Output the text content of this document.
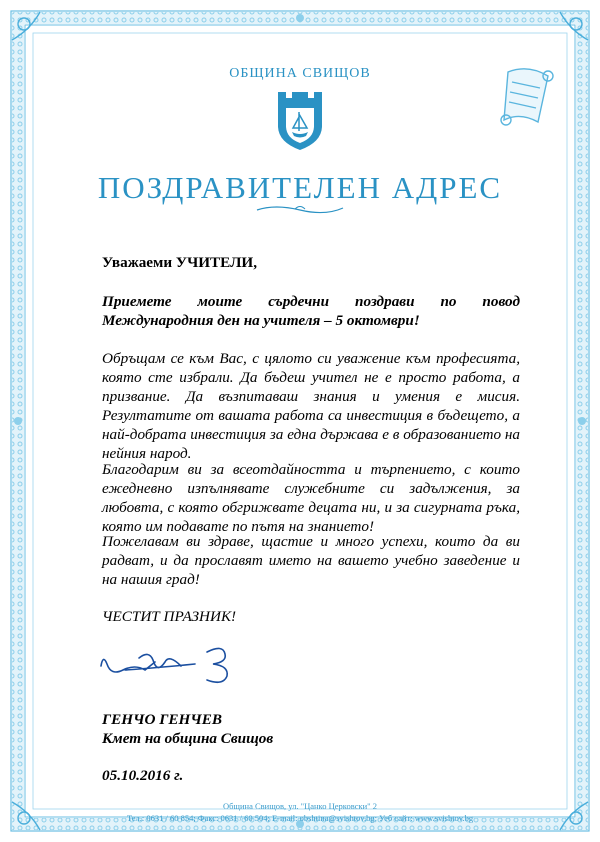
ОБЩИНА СВИЩОВ
ПОЗДРАВИТЕЛЕН АДРЕС
Уважаеми УЧИТЕЛИ,
Приемете моите сърдечни поздрави по повод Международния ден на учителя – 5 октомври!
Обръщам се към Вас, с цялото си уважение към професията, която сте избрали. Да бъдеш учител не е просто работа, а призвание. Да възпитаваш знания и умения е мисия. Резултатите от вашата работа са инвестиция в бъдещето, а най-добрата инвестиция за една държава е в образованието на нейния народ.
Благодарим ви за всеотдайността и търпението, с които ежедневно изпълнявате служебните си задължения, за любовта, с която обгрижвате децата ни, и за сигурната ръка, която им подавате по пътя на знанието!
Пожелавам ви здраве, щастие и много успехи, които да ви радват, и да прославят името на вашето учебно заведение и на нашия град!
ЧЕСТИТ ПРАЗНИК!
ГЕНЧО ГЕНЧЕВ
Кмет на община Свищов
05.10.2016 г.
Община Свищов, ул. "Цанко Церковски" 2
Тел.: 0631 / 60 854; Факс: 0631 / 60 504; E-mail: obshtina@svishtov.bg; Уеб сайт: www.svishtov.bg
